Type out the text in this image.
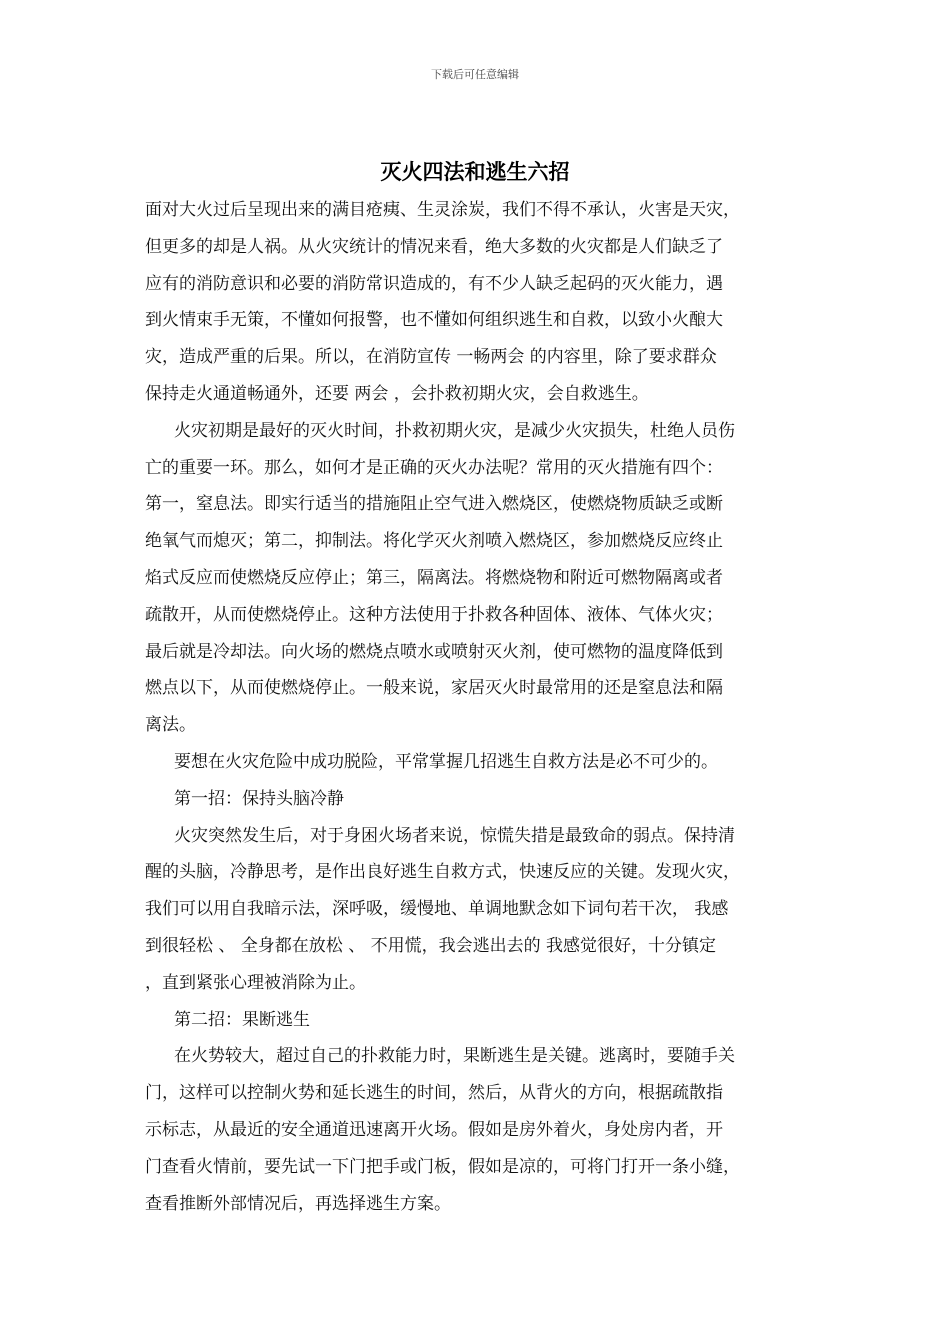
下载后可任意编辑
灭火四法和逃生六招
面对大火过后呈现出来的满目疮痍、生灵涂炭，我们不得不承认，火害是天灾，
但更多的却是人祸。从火灾统计的情况来看，绝大多数的火灾都是人们缺乏了
应有的消防意识和必要的消防常识造成的，有不少人缺乏起码的灭火能力，遇
到火情束手无策，不懂如何报警，也不懂如何组织逃生和自救，以致小火酿大
灾，造成严重的后果。所以，在消防宣传 一畅两会 的内容里，除了要求群众
保持走火通道畅通外，还要 两会 ，会扑救初期火灾，会自救逃生。
火灾初期是最好的灭火时间，扑救初期火灾，是减少火灾损失，杜绝人员伤
亡的重要一环。那么，如何才是正确的灭火办法呢？常用的灭火措施有四个：
第一，窒息法。即实行适当的措施阻止空气进入燃烧区，使燃烧物质缺乏或断
绝氧气而熄灭；第二，抑制法。将化学灭火剂喷入燃烧区，参加燃烧反应终止
焰式反应而使燃烧反应停止；第三，隔离法。将燃烧物和附近可燃物隔离或者
疏散开，从而使燃烧停止。这种方法使用于扑救各种固体、液体、气体火灾；
最后就是冷却法。向火场的燃烧点喷水或喷射灭火剂，使可燃物的温度降低到
燃点以下，从而使燃烧停止。一般来说，家居灭火时最常用的还是窒息法和隔
离法。
要想在火灾危险中成功脱险，平常掌握几招逃生自救方法是必不可少的。
第一招：保持头脑冷静
火灾突然发生后，对于身困火场者来说，惊慌失措是最致命的弱点。保持清
醒的头脑，冷静思考，是作出良好逃生自救方式，快速反应的关键。发现火灾，
我们可以用自我暗示法，深呼吸，缓慢地、单调地默念如下词句若干次， 我感
到很轻松 、 全身都在放松 、 不用慌，我会逃出去的 我感觉很好，十分镇定
，直到紧张心理被消除为止。
第二招：果断逃生
在火势较大，超过自己的扑救能力时，果断逃生是关键。逃离时，要随手关
门，这样可以控制火势和延长逃生的时间，然后，从背火的方向，根据疏散指
示标志，从最近的安全通道迅速离开火场。假如是房外着火，身处房内者，开
门查看火情前，要先试一下门把手或门板，假如是凉的，可将门打开一条小缝，
查看推断外部情况后，再选择逃生方案。
